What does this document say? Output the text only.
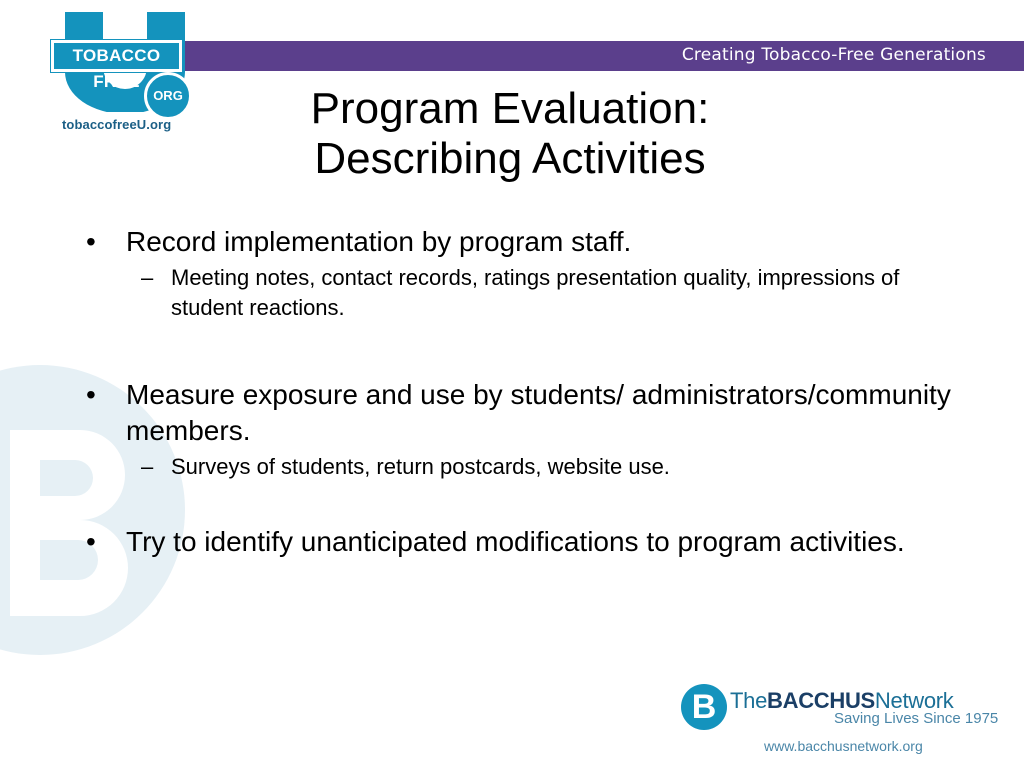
Creating Tobacco-Free Generations
TOBACCO FREE
ORG
tobaccofreeU.org	Program Evaluation:
Describing Activities
• Record implementation by program staff.
– Meeting notes, contact records, ratings presentation quality, impressions of student reactions.
• Measure exposure and use by students/ administrators/community members.
– Surveys of students, return postcards, website use.
• Try to identify unanticipated modifications to program activities.
B TheBACCHUSNetwork
Saving Lives Since 1975
www.bacchusnetwork.org
